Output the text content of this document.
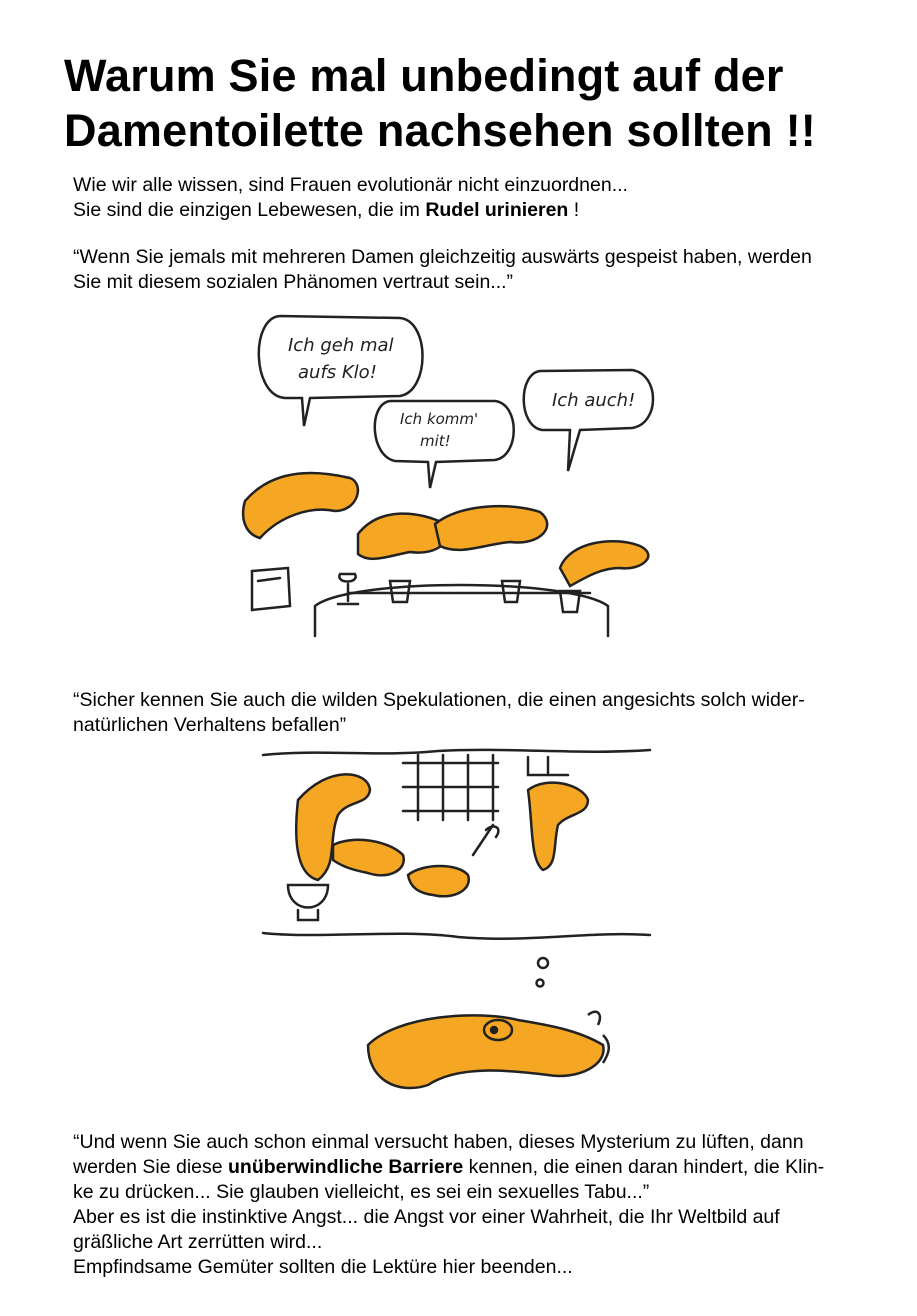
Warum Sie mal unbedingt auf der
Damentoilette nachsehen sollten !!
Wie wir alle wissen, sind Frauen evolutionär nicht einzuordnen...
Sie sind die einzigen Lebewesen, die im Rudel urinieren !
“Wenn Sie jemals mit mehreren Damen gleichzeitig auswärts gespeist haben, werden
Sie mit diesem sozialen Phänomen vertraut sein...”
Ich geh mal
aufs Klo!
Ich komm'
mit!
Ich auch!
“Sicher kennen Sie auch die wilden Spekulationen, die einen angesichts solch wider-
natürlichen Verhaltens befallen”
“Und wenn Sie auch schon einmal versucht haben, dieses Mysterium zu lüften, dann
werden Sie diese unüberwindliche Barriere kennen, die einen daran hindert, die Klin-
ke zu drücken... Sie glauben vielleicht, es sei ein sexuelles Tabu...”
Aber es ist die instinktive Angst... die Angst vor einer Wahrheit, die Ihr Weltbild auf
gräßliche Art zerrütten wird...
Empfindsame Gemüter sollten die Lektüre hier beenden...
